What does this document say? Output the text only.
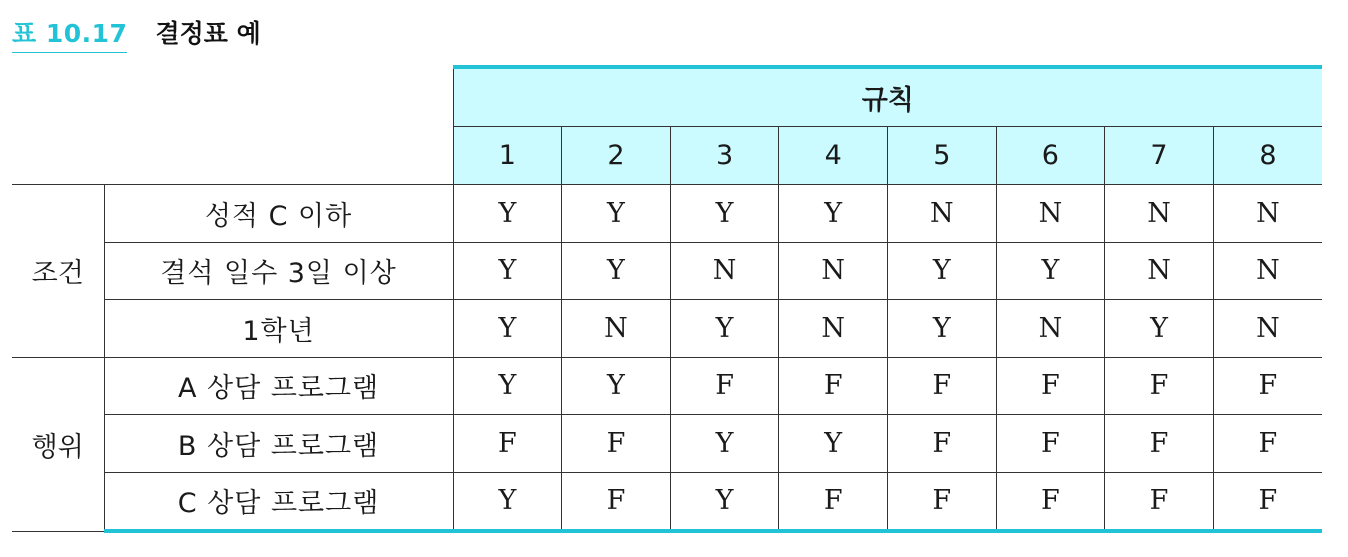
표 10.17 결정표 예
		규칙							
		1	2	3	4	5	6	7	8
조건	성적 C 이하	Y	Y	Y	Y	N	N	N	N
	결석 일수 3일 이상	Y	Y	N	N	Y	Y	N	N
	1학년	Y	N	Y	N	Y	N	Y	N
행위	A 상담 프로그램	Y	Y	F	F	F	F	F	F
	B 상담 프로그램	F	F	Y	Y	F	F	F	F
	C 상담 프로그램	Y	F	Y	F	F	F	F	F
